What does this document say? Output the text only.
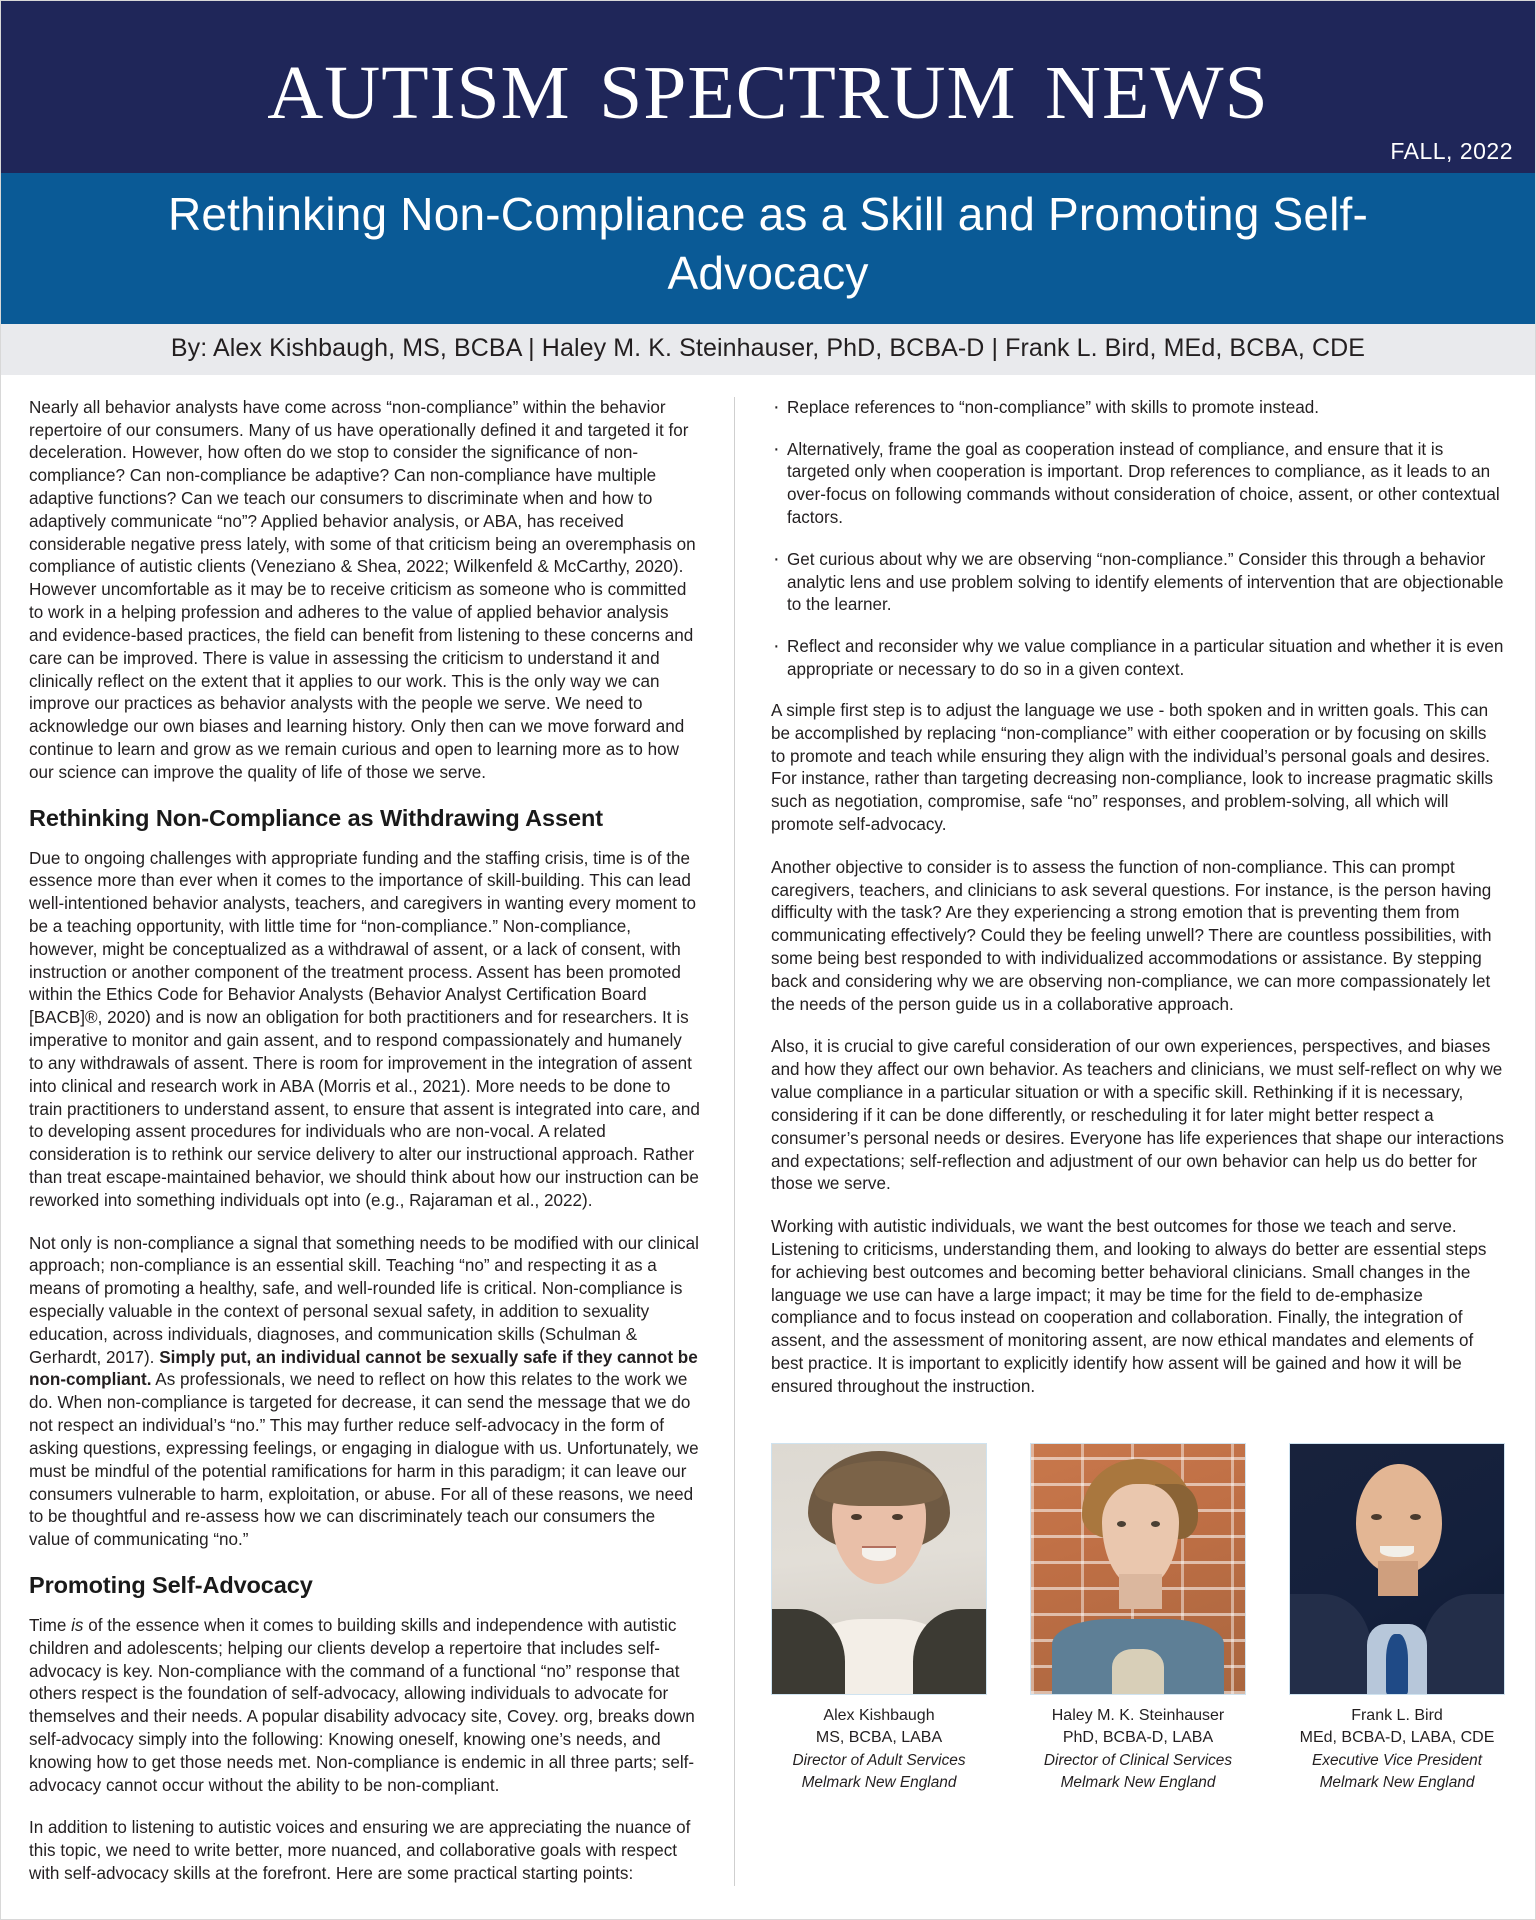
autism spectrum news
FALL, 2022
Rethinking Non-Compliance as a Skill and Promoting Self-Advocacy
By: Alex Kishbaugh, MS, BCBA | Haley M. K. Steinhauser, PhD, BCBA-D | Frank L. Bird, MEd, BCBA, CDE

Nearly all behavior analysts have come across “non-compliance” within the behavior repertoire of our consumers. Many of us have operationally defined it and targeted it for deceleration. However, how often do we stop to consider the significance of non-compliance? Can non-compliance be adaptive? Can non-compliance have multiple adaptive functions? Can we teach our consumers to discriminate when and how to adaptively communicate “no”? Applied behavior analysis, or ABA, has received considerable negative press lately, with some of that criticism being an overemphasis on compliance of autistic clients (Veneziano & Shea, 2022; Wilkenfeld & McCarthy, 2020). However uncomfortable as it may be to receive criticism as someone who is committed to work in a helping profession and adheres to the value of applied behavior analysis and evidence-based practices, the field can benefit from listening to these concerns and care can be improved. There is value in assessing the criticism to understand it and clinically reflect on the extent that it applies to our work. This is the only way we can improve our practices as behavior analysts with the people we serve. We need to acknowledge our own biases and learning history. Only then can we move forward and continue to learn and grow as we remain curious and open to learning more as to how our science can improve the quality of life of those we serve.

Rethinking Non-Compliance as Withdrawing Assent

Due to ongoing challenges with appropriate funding and the staffing crisis, time is of the essence more than ever when it comes to the importance of skill-building. This can lead well-intentioned behavior analysts, teachers, and caregivers in wanting every moment to be a teaching opportunity, with little time for “non-compliance.” Non-compliance, however, might be conceptualized as a withdrawal of assent, or a lack of consent, with instruction or another component of the treatment process. Assent has been promoted within the Ethics Code for Behavior Analysts (Behavior Analyst Certification Board [BACB]®, 2020) and is now an obligation for both practitioners and for researchers. It is imperative to monitor and gain assent, and to respond compassionately and humanely to any withdrawals of assent. There is room for improvement in the integration of assent into clinical and research work in ABA (Morris et al., 2021). More needs to be done to train practitioners to understand assent, to ensure that assent is integrated into care, and to developing assent procedures for individuals who are non-vocal. A related consideration is to rethink our service delivery to alter our instructional approach. Rather than treat escape-maintained behavior, we should think about how our instruction can be reworked into something individuals opt into (e.g., Rajaraman et al., 2022).

Not only is non-compliance a signal that something needs to be modified with our clinical approach; non-compliance is an essential skill. Teaching “no” and respecting it as a means of promoting a healthy, safe, and well-rounded life is critical. Non-compliance is especially valuable in the context of personal sexual safety, in addition to sexuality education, across individuals, diagnoses, and communication skills (Schulman & Gerhardt, 2017). Simply put, an individual cannot be sexually safe if they cannot be non-compliant. As professionals, we need to reflect on how this relates to the work we do. When non-compliance is targeted for decrease, it can send the message that we do not respect an individual’s “no.” This may further reduce self-advocacy in the form of asking questions, expressing feelings, or engaging in dialogue with us. Unfortunately, we must be mindful of the potential ramifications for harm in this paradigm; it can leave our consumers vulnerable to harm, exploitation, or abuse. For all of these reasons, we need to be thoughtful and re-assess how we can discriminately teach our consumers the value of communicating “no.”

Promoting Self-Advocacy

Time is of the essence when it comes to building skills and independence with autistic children and adolescents; helping our clients develop a repertoire that includes self-advocacy is key. Non-compliance with the command of a functional “no” response that others respect is the foundation of self-advocacy, allowing individuals to advocate for themselves and their needs. A popular disability advocacy site, Covey. org, breaks down self-advocacy simply into the following: Knowing oneself, knowing one’s needs, and knowing how to get those needs met. Non-compliance is endemic in all three parts; self-advocacy cannot occur without the ability to be non-compliant.

In addition to listening to autistic voices and ensuring we are appreciating the nuance of this topic, we need to write better, more nuanced, and collaborative goals with respect with self-advocacy skills at the forefront. Here are some practical starting points:

· Replace references to “non-compliance” with skills to promote instead.
· Alternatively, frame the goal as cooperation instead of compliance, and ensure that it is targeted only when cooperation is important. Drop references to compliance, as it leads to an over-focus on following commands without consideration of choice, assent, or other contextual factors.
· Get curious about why we are observing “non-compliance.” Consider this through a behavior analytic lens and use problem solving to identify elements of intervention that are objectionable to the learner.
· Reflect and reconsider why we value compliance in a particular situation and whether it is even appropriate or necessary to do so in a given context.

A simple first step is to adjust the language we use - both spoken and in written goals. This can be accomplished by replacing “non-compliance” with either cooperation or by focusing on skills to promote and teach while ensuring they align with the individual’s personal goals and desires. For instance, rather than targeting decreasing non-compliance, look to increase pragmatic skills such as negotiation, compromise, safe “no” responses, and problem-solving, all which will promote self-advocacy.

Another objective to consider is to assess the function of non-compliance. This can prompt caregivers, teachers, and clinicians to ask several questions. For instance, is the person having difficulty with the task? Are they experiencing a strong emotion that is preventing them from communicating effectively? Could they be feeling unwell? There are countless possibilities, with some being best responded to with individualized accommodations or assistance. By stepping back and considering why we are observing non-compliance, we can more compassionately let the needs of the person guide us in a collaborative approach.

Also, it is crucial to give careful consideration of our own experiences, perspectives, and biases and how they affect our own behavior. As teachers and clinicians, we must self-reflect on why we value compliance in a particular situation or with a specific skill. Rethinking if it is necessary, considering if it can be done differently, or rescheduling it for later might better respect a consumer’s personal needs or desires. Everyone has life experiences that shape our interactions and expectations; self-reflection and adjustment of our own behavior can help us do better for those we serve.

Working with autistic individuals, we want the best outcomes for those we teach and serve. Listening to criticisms, understanding them, and looking to always do better are essential steps for achieving best outcomes and becoming better behavioral clinicians. Small changes in the language we use can have a large impact; it may be time for the field to de-emphasize compliance and to focus instead on cooperation and collaboration. Finally, the integration of assent, and the assessment of monitoring assent, are now ethical mandates and elements of best practice. It is important to explicitly identify how assent will be gained and how it will be ensured throughout the instruction.

Alex Kishbaugh
MS, BCBA, LABA
Director of Adult Services
Melmark New England
Haley M. K. Steinhauser
PhD, BCBA-D, LABA
Director of Clinical Services
Melmark New England
Frank L. Bird
MEd, BCBA-D, LABA, CDE
Executive Vice President
Melmark New England
